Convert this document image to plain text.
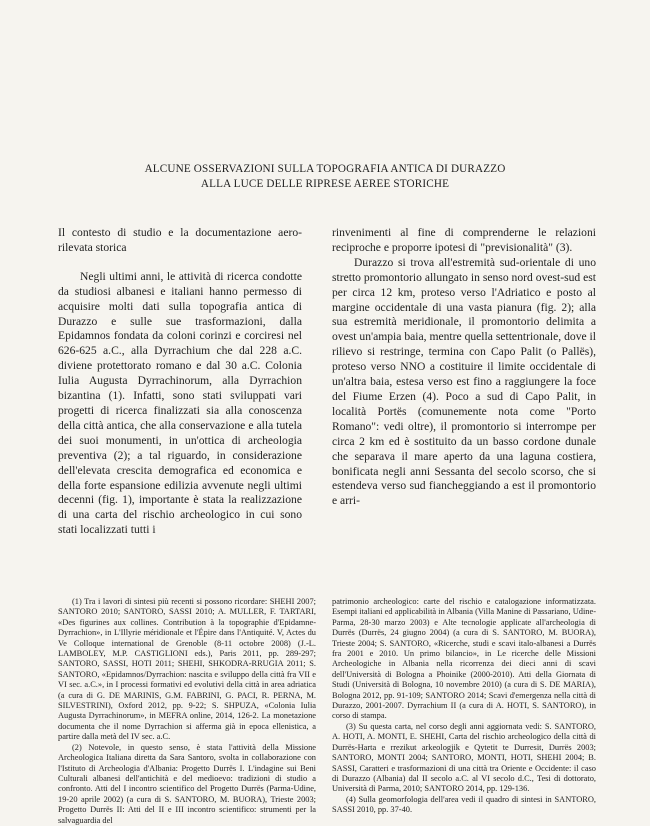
ALCUNE OSSERVAZIONI SULLA TOPOGRAFIA ANTICA DI DURAZZO
ALLA LUCE DELLE RIPRESE AEREE STORICHE

Il contesto di studio e la documentazione aero-rilevata storica

Negli ultimi anni, le attività di ricerca condotte da studiosi albanesi e italiani hanno permesso di acquisire molti dati sulla topografia antica di Durazzo e sulle sue trasformazioni, dalla Epidamnos fondata da coloni corinzi e corciresi nel 626-625 a.C., alla Dyrrachium che dal 228 a.C. diviene protettorato romano e dal 30 a.C. Colonia Iulia Augusta Dyrrachinorum, alla Dyrrachion bizantina (1). Infatti, sono stati sviluppati vari progetti di ricerca finalizzati sia alla conoscenza della città antica, che alla conservazione e alla tutela dei suoi monumenti, in un'ottica di archeologia preventiva (2); a tal riguardo, in considerazione dell'elevata crescita demografica ed economica e della forte espansione edilizia avvenute negli ultimi decenni (fig. 1), importante è stata la realizzazione di una carta del rischio archeologico in cui sono stati localizzati tutti i

rinvenimenti al fine di comprenderne le relazioni reciproche e proporre ipotesi di "previsionalità" (3).

Durazzo si trova all'estremità sud-orientale di uno stretto promontorio allungato in senso nord ovest-sud est per circa 12 km, proteso verso l'Adriatico e posto al margine occidentale di una vasta pianura (fig. 2); alla sua estremità meridionale, il promontorio delimita a ovest un'ampia baia, mentre quella settentrionale, dove il rilievo si restringe, termina con Capo Palit (o Pallës), proteso verso NNO a costituire il limite occidentale di un'altra baia, estesa verso est fino a raggiungere la foce del Fiume Erzen (4). Poco a sud di Capo Palit, in località Portës (comunemente nota come "Porto Romano": vedi oltre), il promontorio si interrompe per circa 2 km ed è sostituito da un basso cordone dunale che separava il mare aperto da una laguna costiera, bonificata negli anni Sessanta del secolo scorso, che si estendeva verso sud fiancheggiando a est il promontorio e arri-

(1) Tra i lavori di sintesi più recenti si possono ricordare: SHEHI 2007; SANTORO 2010; SANTORO, SASSI 2010; A. MULLER, F. TARTARI, «Des figurines aux collines. Contribution à la topographie d'Epidamne-Dyrrachion», in L'Illyrie méridionale et l'Épire dans l'Antiquité. V, Actes du Ve Colloque international de Grenoble (8-11 octobre 2008) (J.-L. LAMBOLEY, M.P. CASTIGLIONI eds.), Paris 2011, pp. 289-297; SANTORO, SASSI, HOTI 2011; SHEHI, SHKODRA-RRUGIA 2011; S. SANTORO, «Epidamnos/Dyrrachion: nascita e sviluppo della città fra VII e VI sec. a.C.», in I processi formativi ed evolutivi della città in area adriatica (a cura di G. DE MARINIS, G.M. FABRINI, G. PACI, R. PERNA, M. SILVESTRINI), Oxford 2012, pp. 9-22; S. SHPUZA, «Colonia Iulia Augusta Dyrrachinorum», in MEFRA online, 2014, 126-2. La monetazione documenta che il nome Dyrrachion si afferma già in epoca ellenistica, a partire dalla metà del IV sec. a.C.

(2) Notevole, in questo senso, è stata l'attività della Missione Archeologica Italiana diretta da Sara Santoro, svolta in collaborazione con l'Istituto di Archeologia d'Albania: Progetto Durrës I. L'indagine sui Beni Culturali albanesi dell'antichità e del medioevo: tradizioni di studio a confronto. Atti del I incontro scientifico del Progetto Durrës (Parma-Udine, 19-20 aprile 2002) (a cura di S. SANTORO, M. BUORA), Trieste 2003; Progetto Durrës II: Atti del II e III incontro scientifico: strumenti per la salvaguardia del

patrimonio archeologico: carte del rischio e catalogazione informatizzata. Esempi italiani ed applicabilità in Albania (Villa Manine di Passariano, Udine-Parma, 28-30 marzo 2003) e Alte tecnologie applicate all'archeologia di Durrës (Durrës, 24 giugno 2004) (a cura di S. SANTORO, M. BUORA), Trieste 2004; S. SANTORO, «Ricerche, studi e scavi italo-albanesi a Durrës fra 2001 e 2010. Un primo bilancio», in Le ricerche delle Missioni Archeologiche in Albania nella ricorrenza dei dieci anni di scavi dell'Università di Bologna a Phoinike (2000-2010). Atti della Giornata di Studi (Università di Bologna, 10 novembre 2010) (a cura di S. DE MARIA), Bologna 2012, pp. 91-109; SANTORO 2014; Scavi d'emergenza nella città di Durazzo, 2001-2007. Dyrrachium II (a cura di A. HOTI, S. SANTORO), in corso di stampa.

(3) Su questa carta, nel corso degli anni aggiornata vedi: S. SANTORO, A. HOTI, A. MONTI, E. SHEHI, Carta del rischio archeologico della città di Durrës-Harta e rrezikut arkeologjik e Qytetit te Durresit, Durrës 2003; SANTORO, MONTI 2004; SANTORO, MONTI, HOTI, SHEHI 2004; B. SASSI, Caratteri e trasformazioni di una città tra Oriente e Occidente: il caso di Durazzo (Albania) dal II secolo a.C. al VI secolo d.C., Tesi di dottorato, Università di Parma, 2010; SANTORO 2014, pp. 129-136.

(4) Sulla geomorfologia dell'area vedi il quadro di sintesi in SANTORO, SASSI 2010, pp. 37-40.
